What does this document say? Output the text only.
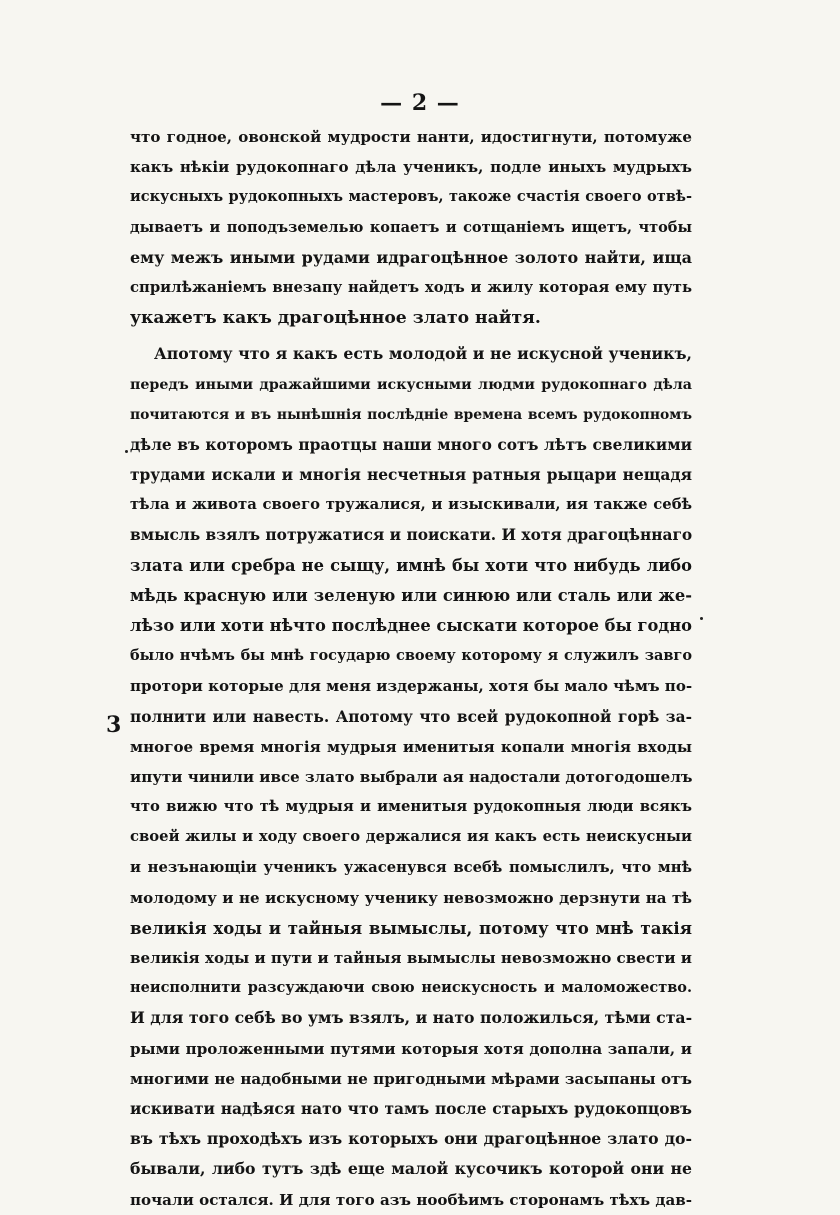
— 2 —
3
что годное, овонской мудрости нанти, идостигнути, потомуже
какъ нѣкіи рудокопнаго дѣла ученикъ, подле иныхъ мудрыхъ
искусныхъ рудокопныхъ мастеровъ, такоже счастія своего отвѣ-
дываетъ и поподъземелью копаетъ и сотщаніемъ ищетъ, чтобы
ему межъ иными рудами идрагоцѣнное золото найти, ища
сприлѣжаніемъ внезапу найдетъ ходъ и жилу которая ему путь
укажетъ какъ драгоцѣнное злато найтя.
Апотому что я какъ есть молодой и не искусной ученикъ,
передъ иными дражайшими искусными людми рудокопнаго дѣла
почитаются и въ нынѣшнія послѣдніе времена всемъ рудокопномъ
дѣле въ которомъ праотцы наши много сотъ лѣтъ свеликими
трудами искали и многія несчетныя ратныя рыцари нещадя
тѣла и живота своего тружалися, и изыскивали, ия также себѣ
вмысль взялъ потружатися и поискати. И хотя драгоцѣннаго
злата или сребра не сыщу, имнѣ бы хоти что нибудь либо
мѣдь красную или зеленую или синюю или сталь или же-
лѣзо или хоти нѣчто послѣднее сыскати которое бы годно
было нчѣмъ бы мнѣ государю своему которому я служилъ завго
протори которые для меня издержаны, хотя бы мало чѣмъ по-
полнити или навесть. Апотому что всей рудокопной горѣ за-
многое время многія мудрыя именитыя копали многія входы
ипути чинили ивсе злато выбрали ая надостали дотогодошелъ
что вижю что тѣ мудрыя и именитыя рудокопныя люди всякъ
своей жилы и ходу своего держалися ия какъ есть неискусныи
и незънающіи ученикъ ужасенувся всебѣ помыслилъ, что мнѣ
молодому и не искусному ученику невозможно дерзнути на тѣ
великія ходы и тайныя вымыслы, потому что мнѣ такія
великія ходы и пути и тайныя вымыслы невозможно свести и
неисполнити разсуждаючи свою неискусность и маломожество.
И для того себѣ во умъ взялъ, и нато положилься, тѣми ста-
рыми проложенными путями которыя хотя дополна запали, и
многими не надобными не пригодными мѣрами засыпаны отъ
искивати надѣяся нато что тамъ после старыхъ рудокопцовъ
въ тѣхъ проходѣхъ изъ которыхъ они драгоцѣнное злато до-
бывали, либо тутъ здѣ еще малой кусочикъ которой они не
почали остался. И для того азъ нообѣимъ сторонамъ тѣхъ дав-
